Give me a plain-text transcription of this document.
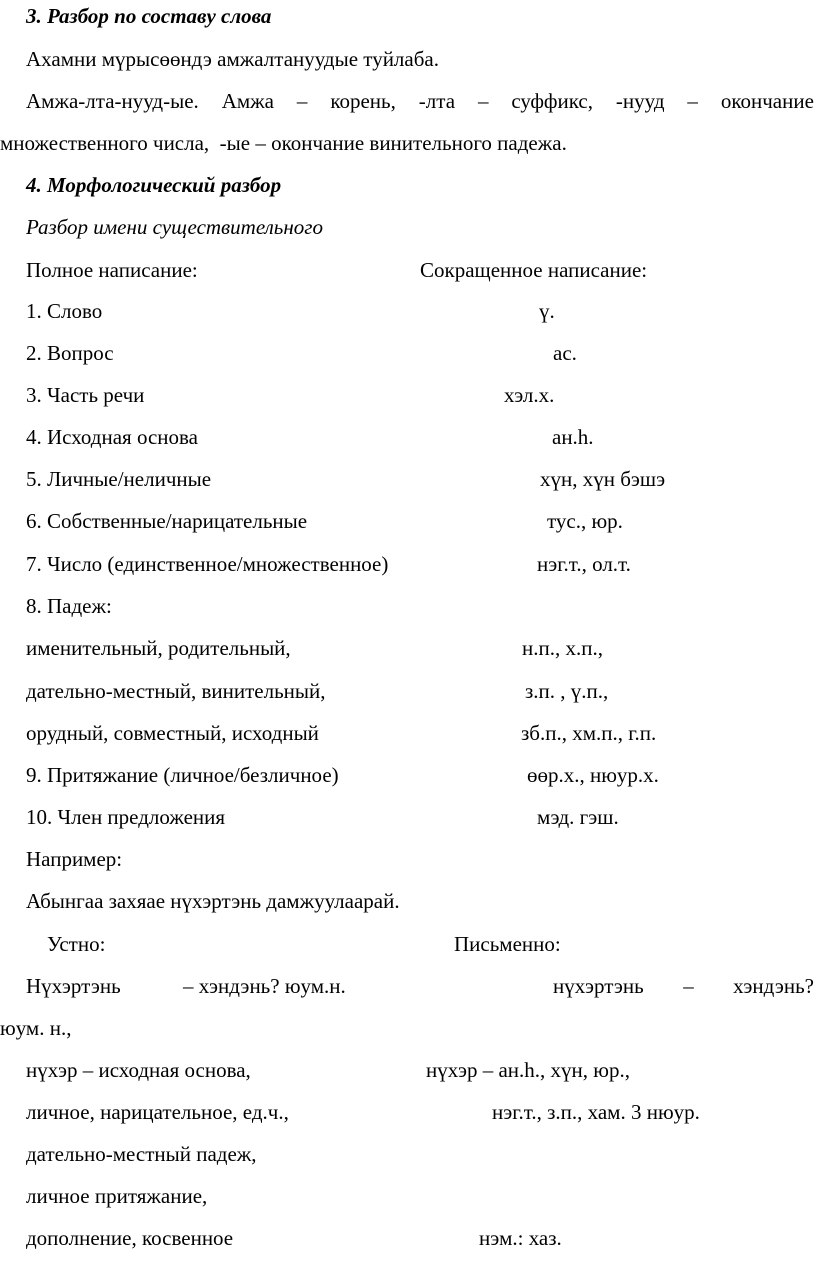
3. Разбор по составу слова
Ахамни мүрысөөндэ амжалтануудые туйлаба.
Амжа-лта-нууд-ые. Амжа – корень, -лта – суффикс, -нууд – окончание
множественного числа,  -ые – окончание винительного падежа.
4. Морфологический разбор
Разбор имени существительного
Полное написание:	Сокращенное написание:
1. Слово	ү.
2. Вопрос	ас.
3. Часть речи	хэл.х.
4. Исходная основа	ан.һ.
5. Личные/неличные	хүн, хүн бэшэ
6. Собственные/нарицательные	тус., юр.
7. Число (единственное/множественное)	нэг.т., ол.т.
8. Падеж:
именительный, родительный,	н.п., х.п.,
дательно-местный, винительный,	з.п. , ү.п.,
орудный, совместный, исходный	зб.п., хм.п., г.п.
9. Притяжание (личное/безличное)	өөр.х., нюур.х.
10. Член предложения	мэд. гэш.
Например:
Абынгаа захяае нүхэртэнь дамжуулаарай.
Устно:	Письменно:
Нүхэртэнь	– хэндэнь? юум.н.	нүхэртэнь – хэндэнь?
юум. н.,
нүхэр – исходная основа,	нүхэр – ан.һ., хүн, юр.,
личное, нарицательное, ед.ч.,	нэг.т., з.п., хам. 3 нюур.
дательно-местный падеж,
личное притяжание,
дополнение, косвенное	нэм.: хаз.
